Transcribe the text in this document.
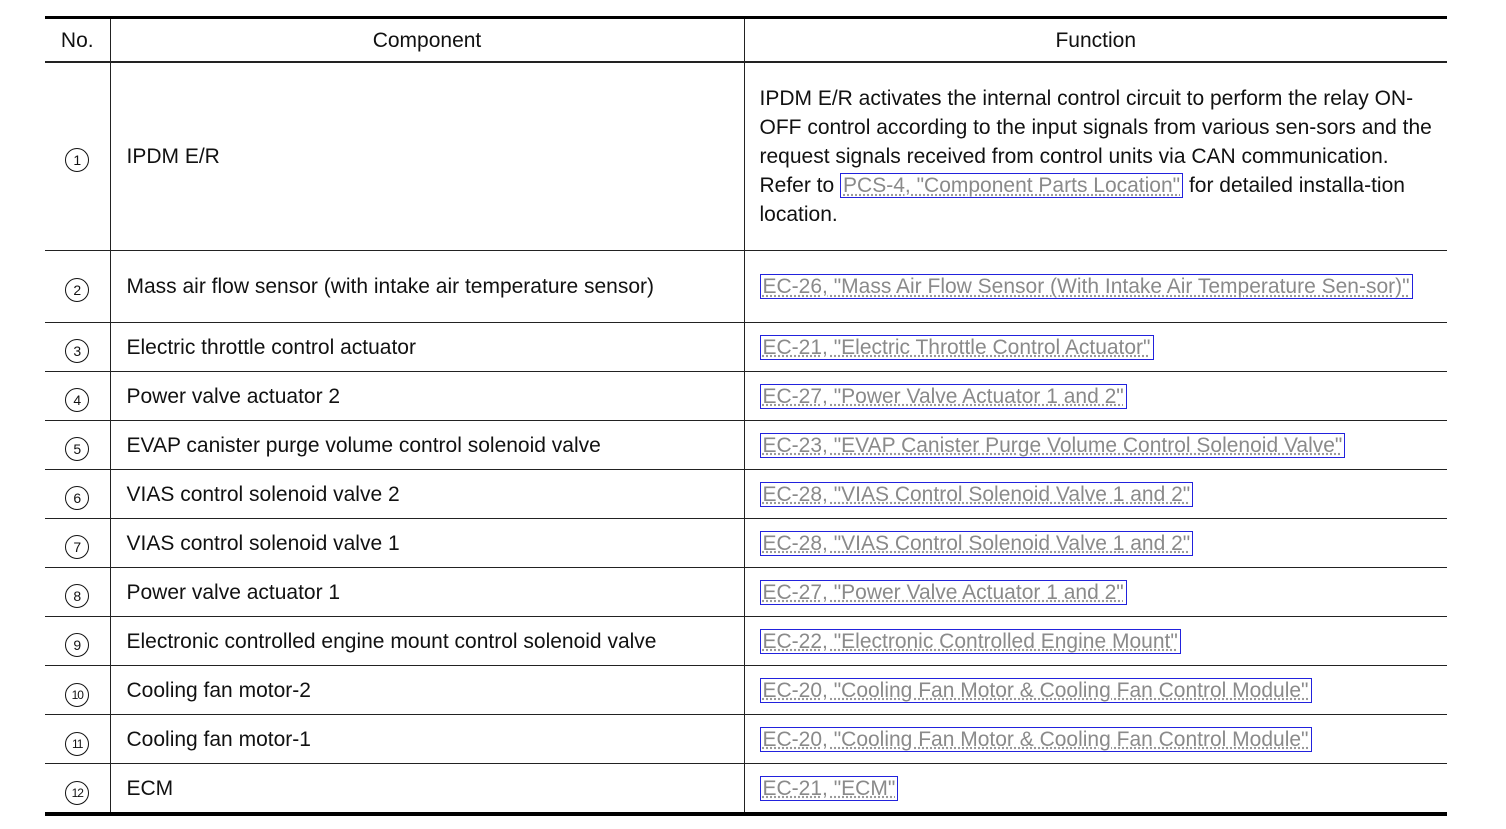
No.	Component	Function
1	IPDM E/R	IPDM E/R activates the internal control circuit to perform the relay ON-OFF control according to the input signals from various sen-sors and the request signals received from control units via CAN communication.
Refer to PCS-4, "Component Parts Location" for detailed installa-tion location.
2	Mass air flow sensor (with intake air temperature sensor)	EC-26, "Mass Air Flow Sensor (With Intake Air Temperature Sen-sor)"
3	Electric throttle control actuator	EC-21, "Electric Throttle Control Actuator"
4	Power valve actuator 2	EC-27, "Power Valve Actuator 1 and 2"
5	EVAP canister purge volume control solenoid valve	EC-23, "EVAP Canister Purge Volume Control Solenoid Valve"
6	VIAS control solenoid valve 2	EC-28, "VIAS Control Solenoid Valve 1 and 2"
7	VIAS control solenoid valve 1	EC-28, "VIAS Control Solenoid Valve 1 and 2"
8	Power valve actuator 1	EC-27, "Power Valve Actuator 1 and 2"
9	Electronic controlled engine mount control solenoid valve	EC-22, "Electronic Controlled Engine Mount"
10	Cooling fan motor-2	EC-20, "Cooling Fan Motor & Cooling Fan Control Module"
11	Cooling fan motor-1	EC-20, "Cooling Fan Motor & Cooling Fan Control Module"
12	ECM	EC-21, "ECM"
